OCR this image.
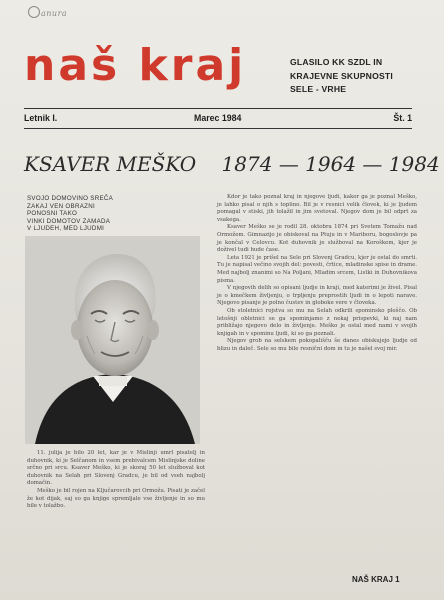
anura
naš kraj	GLASILO KK SZDL IN
KRAJEVNE SKUPNOSTI
SELE - VRHE
Letnik I.	Marec 1984	Št. 1
KSAVER MEŠKO    1874 — 1964 — 1984
SVOJO DOMOVINO SREČA
ZAKAJ VEN OBRAZNI
PONOSNI TAKO
VINKI DOMOTOV ZAMADA
V LJUDEH, MED LJUDMI

11. julija je bilo 20 let, kar je v Mislinji umrl pisatelj in duhovnik, ki je Selčanom in vsem prebivalcem Mislinjske doline srčno pri srcu. Ksaver Meško, ki je skoraj 50 let služboval kot duhovnik na Selah pri Slovenj Gradcu, je bil od vseh najbolj domačin.

Meško je bil rojen na Ključarovcih pri Ormožu. Pisati je začel že kot dijak, saj so ga knjige spremljale vse življenje in so mu bile v tolažbo.

Kdor je tako poznal kraj in njegove ljudi, kakor ga je poznal Meško, je lahko pisal o njih s toplino. Bil je v resnici velik človek, ki je ljudem pomagal v stiski, jih tolažil in jim svetoval. Njegov dom je bil odprt za vsakega.

Ksaver Meško se je rodil 28. oktobra 1874 pri Svetem Tomažu nad Ormožem. Gimnazijo je obiskoval na Ptuju in v Mariboru, bogoslovje pa je končal v Celovcu. Kot duhovnik je služboval na Koroškem, kjer je doživel tudi hude čase.

Leta 1921 je prišel na Sele pri Slovenj Gradcu, kjer je ostal do smrti. Tu je napisal večino svojih del: povesti, črtice, mladinske spise in drame. Med najbolj znanimi so Na Poljani, Mladim srcem, Listki in Duhovnikova pisma.

V njegovih delih so opisani ljudje in kraji, med katerimi je živel. Pisal je o kmečkem življenju, o trpljenju preprostih ljudi in o lepoti narave. Njegovo pisanje je polno čustev in globoke vere v človeka.

Ob stoletnici rojstva so mu na Selah odkrili spominsko ploščo. Ob letošnji obletnici se ga spominjamo z nekaj prispevki, ki naj nam približajo njegovo delo in življenje. Meško je ostal med nami v svojih knjigah in v spominu ljudi, ki so ga poznali.

Njegov grob na selskem pokopališču še danes obiskujejo ljudje od blizu in daleč. Sele so mu bile resnični dom in tu je našel svoj mir.

NAŠ KRAJ 1
